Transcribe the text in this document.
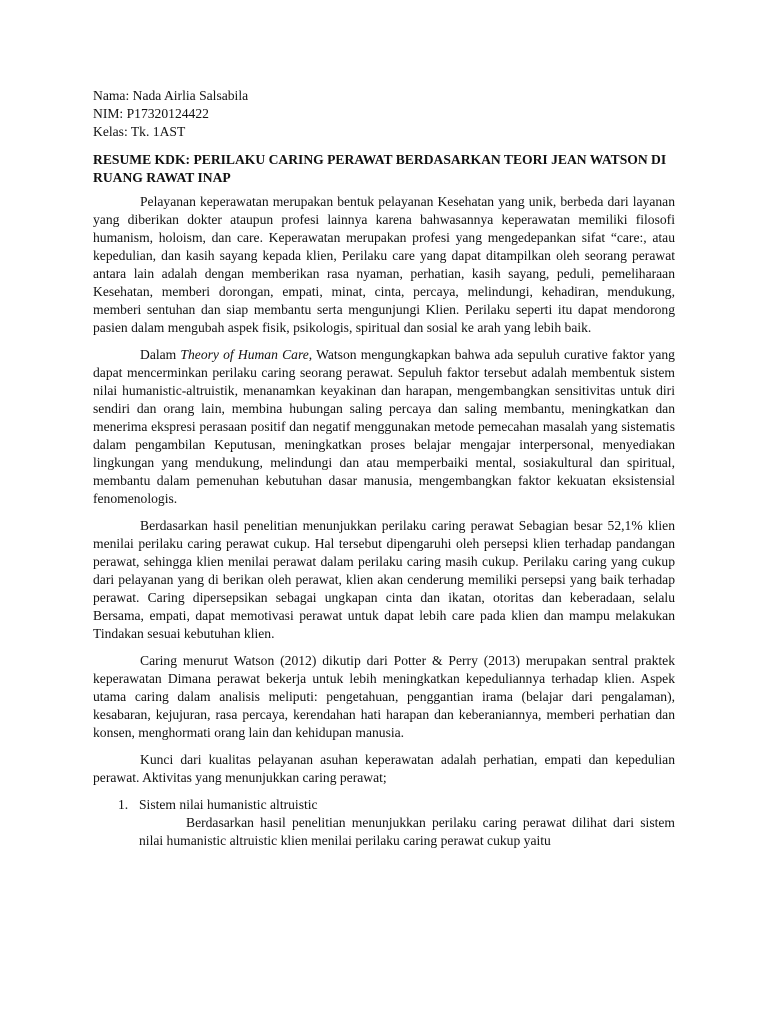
Nama: Nada Airlia Salsabila
NIM: P17320124422
Kelas: Tk. 1AST
RESUME KDK: PERILAKU CARING PERAWAT BERDASARKAN TEORI JEAN WATSON DI RUANG RAWAT INAP

Pelayanan keperawatan merupakan bentuk pelayanan Kesehatan yang unik, berbeda dari layanan yang diberikan dokter ataupun profesi lainnya karena bahwasannya keperawatan memiliki filosofi humanism, holoism, dan care. Keperawatan merupakan profesi yang mengedepankan sifat “care:, atau kepedulian, dan kasih sayang kepada klien, Perilaku care yang dapat ditampilkan oleh seorang perawat antara lain adalah dengan memberikan rasa nyaman, perhatian, kasih sayang, peduli, pemeliharaan Kesehatan, memberi dorongan, empati, minat, cinta, percaya, melindungi, kehadiran, mendukung, memberi sentuhan dan siap membantu serta mengunjungi Klien. Perilaku seperti itu dapat mendorong pasien dalam mengubah aspek fisik, psikologis, spiritual dan sosial ke arah yang lebih baik.

Dalam Theory of Human Care, Watson mengungkapkan bahwa ada sepuluh curative faktor yang dapat mencerminkan perilaku caring seorang perawat. Sepuluh faktor tersebut adalah membentuk sistem nilai humanistic-altruistik, menanamkan keyakinan dan harapan, mengembangkan sensitivitas untuk diri sendiri dan orang lain, membina hubungan saling percaya dan saling membantu, meningkatkan dan menerima ekspresi perasaan positif dan negatif menggunakan metode pemecahan masalah yang sistematis dalam pengambilan Keputusan, meningkatkan proses belajar mengajar interpersonal, menyediakan lingkungan yang mendukung, melindungi dan atau memperbaiki mental, sosiakultural dan spiritual, membantu dalam pemenuhan kebutuhan dasar manusia, mengembangkan faktor kekuatan eksistensial fenomenologis.

Berdasarkan hasil penelitian menunjukkan perilaku caring perawat Sebagian besar 52,1% klien menilai perilaku caring perawat cukup. Hal tersebut dipengaruhi oleh persepsi klien terhadap pandangan perawat, sehingga klien menilai perawat dalam perilaku caring masih cukup. Perilaku caring yang cukup dari pelayanan yang di berikan oleh perawat, klien akan cenderung memiliki persepsi yang baik terhadap perawat. Caring dipersepsikan sebagai ungkapan cinta dan ikatan, otoritas dan keberadaan, selalu Bersama, empati, dapat memotivasi perawat untuk dapat lebih care pada klien dan mampu melakukan Tindakan sesuai kebutuhan klien.

Caring menurut Watson (2012) dikutip dari Potter & Perry (2013) merupakan sentral praktek keperawatan Dimana perawat bekerja untuk lebih meningkatkan kepeduliannya terhadap klien. Aspek utama caring dalam analisis meliputi: pengetahuan, penggantian irama (belajar dari pengalaman), kesabaran, kejujuran, rasa percaya, kerendahan hati harapan dan keberaniannya, memberi perhatian dan konsen, menghormati orang lain dan kehidupan manusia.

Kunci dari kualitas pelayanan asuhan keperawatan adalah perhatian, empati dan kepedulian perawat. Aktivitas yang menunjukkan caring perawat;

1. Sistem nilai humanistic altruistic
Berdasarkan hasil penelitian menunjukkan perilaku caring perawat dilihat dari sistem nilai humanistic altruistic klien menilai perilaku caring perawat cukup yaitu
